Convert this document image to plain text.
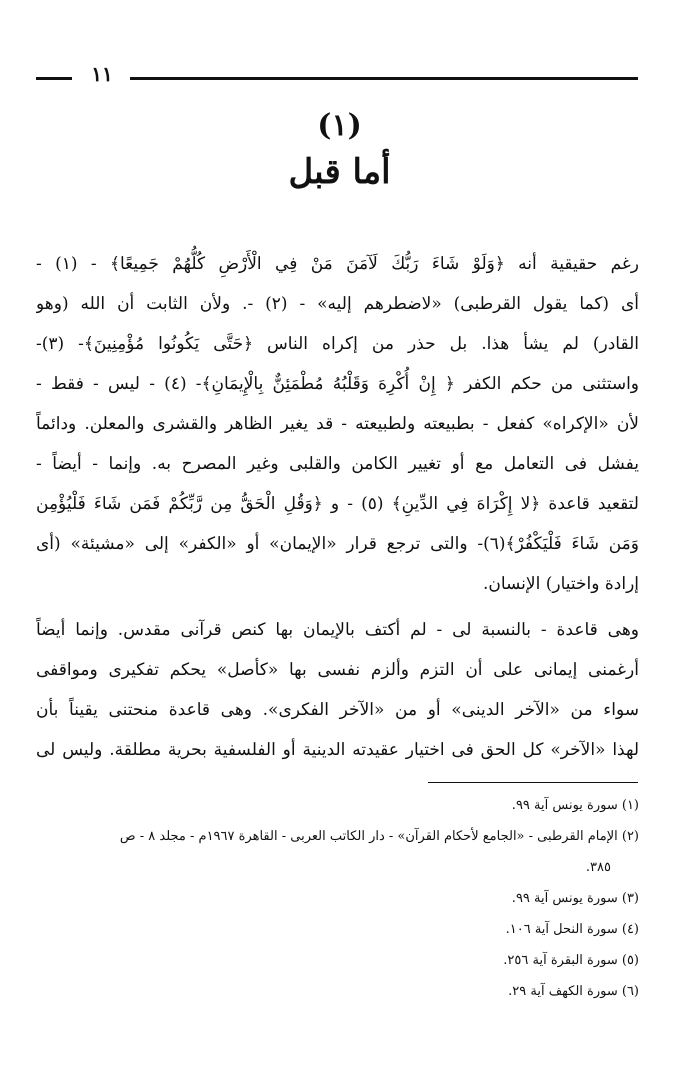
١١
(١)
أما قبل
رغم حقيقية أنه ﴿وَلَوْ شَاءَ رَبُّكَ لَآمَنَ مَنْ فِي الْأَرْضِ كُلُّهُمْ جَمِيعًا﴾ - (١) -
أى (كما يقول القرطبى) «لاضطرهم إليه» - (٢) -. ولأن الثابت أن الله (وهو
القادر) لم يشأ هذا. بل حذر من إكراه الناس ﴿حَتَّى يَكُونُوا مُؤْمِنِينَ﴾- (٣)-
واستثنى من حكم الكفر ﴿ إِنْ أُكْرِهَ وَقَلْبُهُ مُطْمَئِنٌّ بِالْإِيمَانِ﴾- (٤) - ليس - فقط -
لأن «الإكراه» كفعل - بطبيعته ولطبيعته - قد يغير الظاهر والقشرى والمعلن. ودائماً
يفشل فى التعامل مع أو تغيير الكامن والقلبى وغير المصرح به. وإنما - أيضاً -
لتقعيد قاعدة ﴿لا إِكْرَاهَ فِي الدِّينِ﴾ (٥) - و ﴿وَقُلِ الْحَقُّ مِن رَّبِّكُمْ فَمَن شَاءَ فَلْيُؤْمِن
وَمَن شَاءَ فَلْيَكْفُرْ﴾(٦)- والتى ترجع قرار «الإيمان» أو «الكفر» إلى «مشيئة» (أى
إرادة واختيار) الإنسان.
وهى قاعدة - بالنسبة لى - لم أكتف بالإيمان بها كنص قرآنى مقدس. وإنما أيضاً
أرغمنى إيمانى على أن التزم وألزم نفسى بها «كأصل» يحكم تفكيرى ومواقفى
سواء من «الآخر الدينى» أو من «الآخر الفكرى». وهى قاعدة منحتنى يقيناً بأن
لهذا «الآخر» كل الحق فى اختيار عقيدته الدينية أو الفلسفية بحرية مطلقة. وليس لى
(١) سورة يونس آية ٩٩.
(٢) الإمام القرطبى - «الجامع لأحكام القرآن» - دار الكاتب العربى - القاهرة ١٩٦٧م - مجلد ٨ - ص
٣٨٥.
(٣) سورة يونس آية ٩٩.
(٤) سورة النحل آية ١٠٦.
(٥) سورة البقرة آية ٢٥٦.
(٦) سورة الكهف آية ٢٩.
